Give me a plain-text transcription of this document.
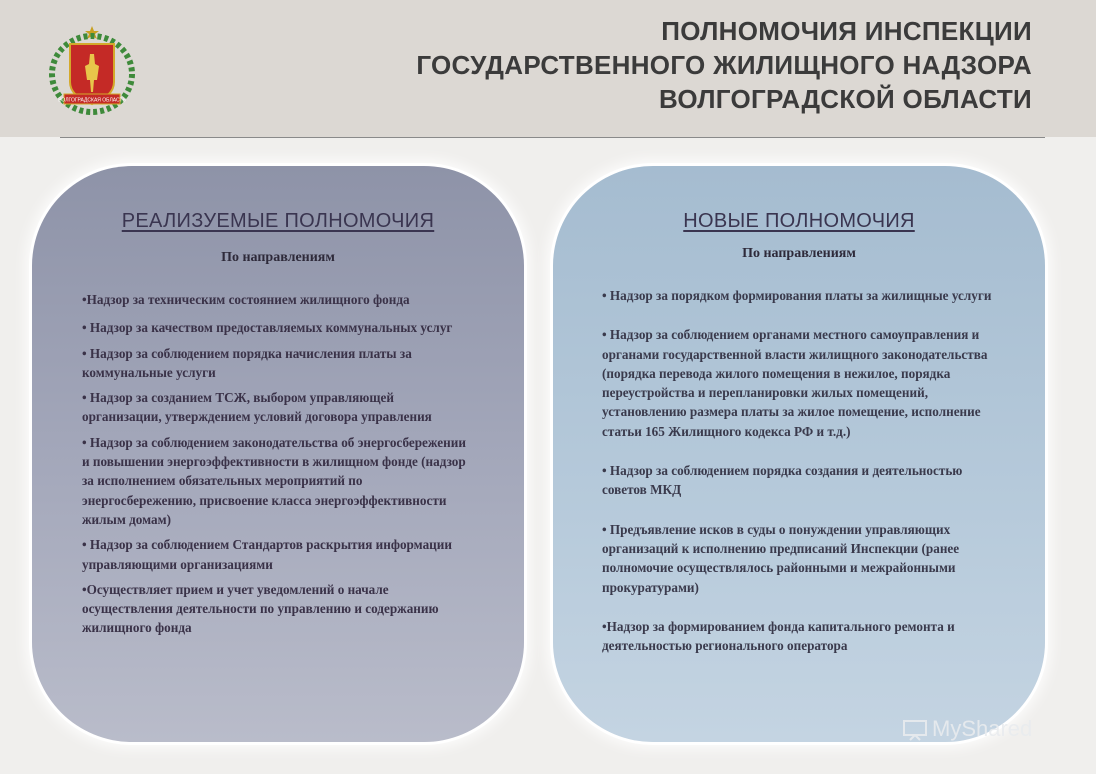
ВОЛГОГРАДСКАЯ ОБЛАСТЬ
ПОЛНОМОЧИЯ ИНСПЕКЦИИ
ГОСУДАРСТВЕННОГО ЖИЛИЩНОГО НАДЗОРА
ВОЛГОГРАДСКОЙ ОБЛАСТИ
РЕАЛИЗУЕМЫЕ ПОЛНОМОЧИЯ
По направлениям
•Надзор за техническим состоянием жилищного фонда
• Надзор за качеством предоставляемых коммунальных услуг
• Надзор за соблюдением порядка начисления платы за коммунальные услуги
• Надзор за созданием ТСЖ, выбором управляющей организации, утверждением условий договора управления
• Надзор за соблюдением законодательства об энергосбережении и повышении энергоэффективности в жилищном фонде (надзор за исполнением обязательных мероприятий по энергосбережению, присвоение класса энергоэффективности жилым домам)
• Надзор за соблюдением Стандартов раскрытия информации управляющими организациями
•Осуществляет прием и учет уведомлений о начале осуществления деятельности по управлению и содержанию жилищного фонда
НОВЫЕ ПОЛНОМОЧИЯ
По направлениям
• Надзор за порядком формирования платы за жилищные услуги
• Надзор за соблюдением органами местного самоуправления и органами государственной власти жилищного законодательства (порядка перевода жилого помещения в нежилое, порядка переустройства и перепланировки жилых помещений, установлению размера платы за жилое помещение, исполнение статьи 165 Жилищного кодекса РФ и т.д.)
• Надзор за соблюдением порядка создания и деятельностью советов МКД
• Предъявление исков в суды о понуждении управляющих организаций к исполнению предписаний Инспекции (ранее полномочие осуществлялось районными и межрайонными прокуратурами)
•Надзор за формированием фонда капитального ремонта и деятельностью регионального оператора
MyShared
